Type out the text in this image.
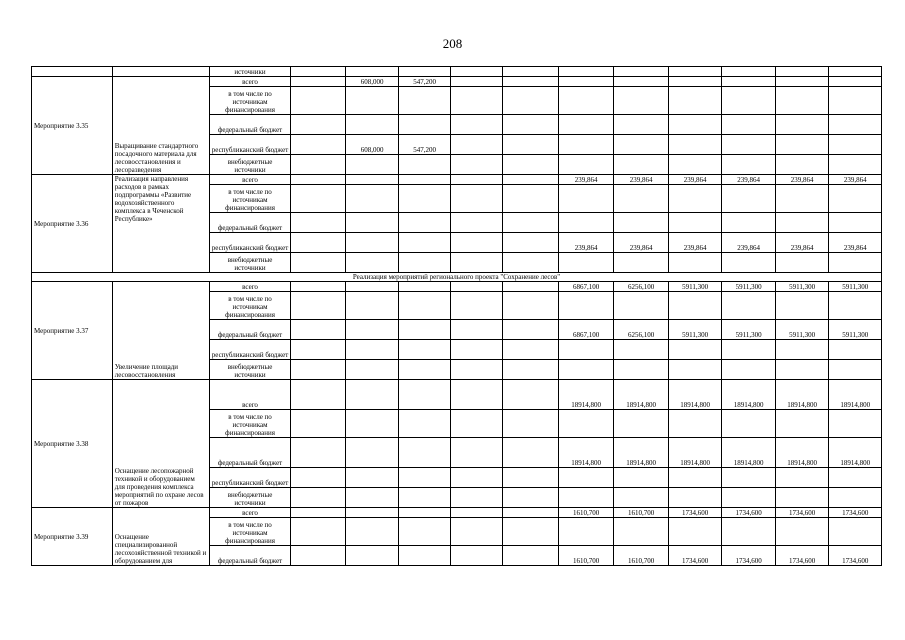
208
		источники											
Мероприятие 3.35	Выращивание стандартного посадочного материала для лесовосстановления и лесоразведения	всего		608,000	547,200								
		в том числе по источникам финансирования											
		федеральный бюджет											
		республиканский бюджет		608,000	547,200								
		внебюджетные источники											
Мероприятие 3.36	Реализация направления расходов в рамках подпрограммы «Развитие водохозяйственного комплекса в Чеченской Республике»	всего						239,864	239,864	239,864	239,864	239,864	239,864
		в том числе по источникам финансирования											
		федеральный бюджет											
		республиканский бюджет						239,864	239,864	239,864	239,864	239,864	239,864
		внебюджетные источники											
Реализация мероприятий регионального проекта "Сохранение лесов"													
Мероприятие 3.37	Увеличение площади лесовосстановления	всего						6867,100	6256,100	5911,300	5911,300	5911,300	5911,300
		в том числе по источникам финансирования											
		федеральный бюджет						6867,100	6256,100	5911,300	5911,300	5911,300	5911,300
		республиканский бюджет											
		внебюджетные источники											
Мероприятие 3.38	Оснащение лесопожарной техникой и оборудованием для проведения комплекса мероприятий по охране лесов от пожаров	всего						18914,800	18914,800	18914,800	18914,800	18914,800	18914,800
		в том числе по источникам финансирования											
		федеральный бюджет						18914,800	18914,800	18914,800	18914,800	18914,800	18914,800
		республиканский бюджет											
		внебюджетные источники											
Мероприятие 3.39	Оснащение специализированной лесохозяйственной техникой и оборудованием для	всего						1610,700	1610,700	1734,600	1734,600	1734,600	1734,600
		в том числе по источникам финансирования											
		федеральный бюджет						1610,700	1610,700	1734,600	1734,600	1734,600	1734,600
